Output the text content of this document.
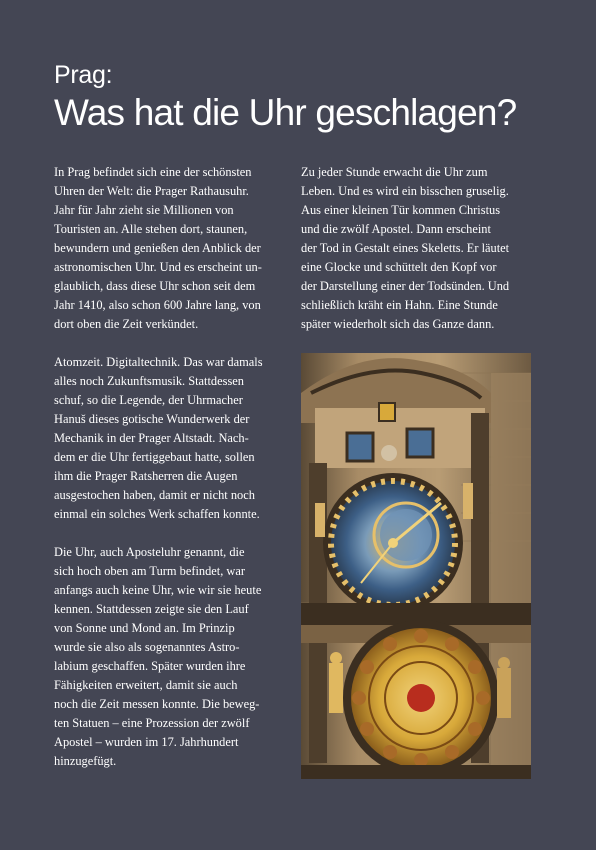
Prag:
Was hat die Uhr geschlagen?
In Prag befindet sich eine der schönsten
Uhren der Welt: die Prager Rathausuhr.
Jahr für Jahr zieht sie Millionen von
Touristen an. Alle stehen dort, staunen,
bewundern und genießen den Anblick der
astronomischen Uhr. Und es erscheint un-
glaublich, dass diese Uhr schon seit dem
Jahr 1410, also schon 600 Jahre lang, von
dort oben die Zeit verkündet.
Atomzeit. Digitaltechnik. Das war damals
alles noch Zukunftsmusik. Stattdessen
schuf, so die Legende, der Uhrmacher
Hanuš dieses gotische Wunderwerk der
Mechanik in der Prager Altstadt. Nach-
dem er die Uhr fertiggebaut hatte, sollen
ihm die Prager Ratsherren die Augen
ausgestochen haben, damit er nicht noch
einmal ein solches Werk schaffen konnte.
Die Uhr, auch Aposteluhr genannt, die
sich hoch oben am Turm befindet, war
anfangs auch keine Uhr, wie wir sie heute
kennen. Stattdessen zeigte sie den Lauf
von Sonne und Mond an. Im Prinzip
wurde sie also als sogenanntes Astro-
labium geschaffen. Später wurden ihre
Fähigkeiten erweitert, damit sie auch
noch die Zeit messen konnte. Die beweg-
ten Statuen – eine Prozession der zwölf
Apostel – wurden im 17. Jahrhundert
hinzugefügt.
Zu jeder Stunde erwacht die Uhr zum
Leben. Und es wird ein bisschen gruselig.
Aus einer kleinen Tür kommen Christus
und die zwölf Apostel. Dann erscheint
der Tod in Gestalt eines Skeletts. Er läutet
eine Glocke und schüttelt den Kopf vor
der Darstellung einer der Todsünden. Und
schließlich kräht ein Hahn. Eine Stunde
später wiederholt sich das Ganze dann.
